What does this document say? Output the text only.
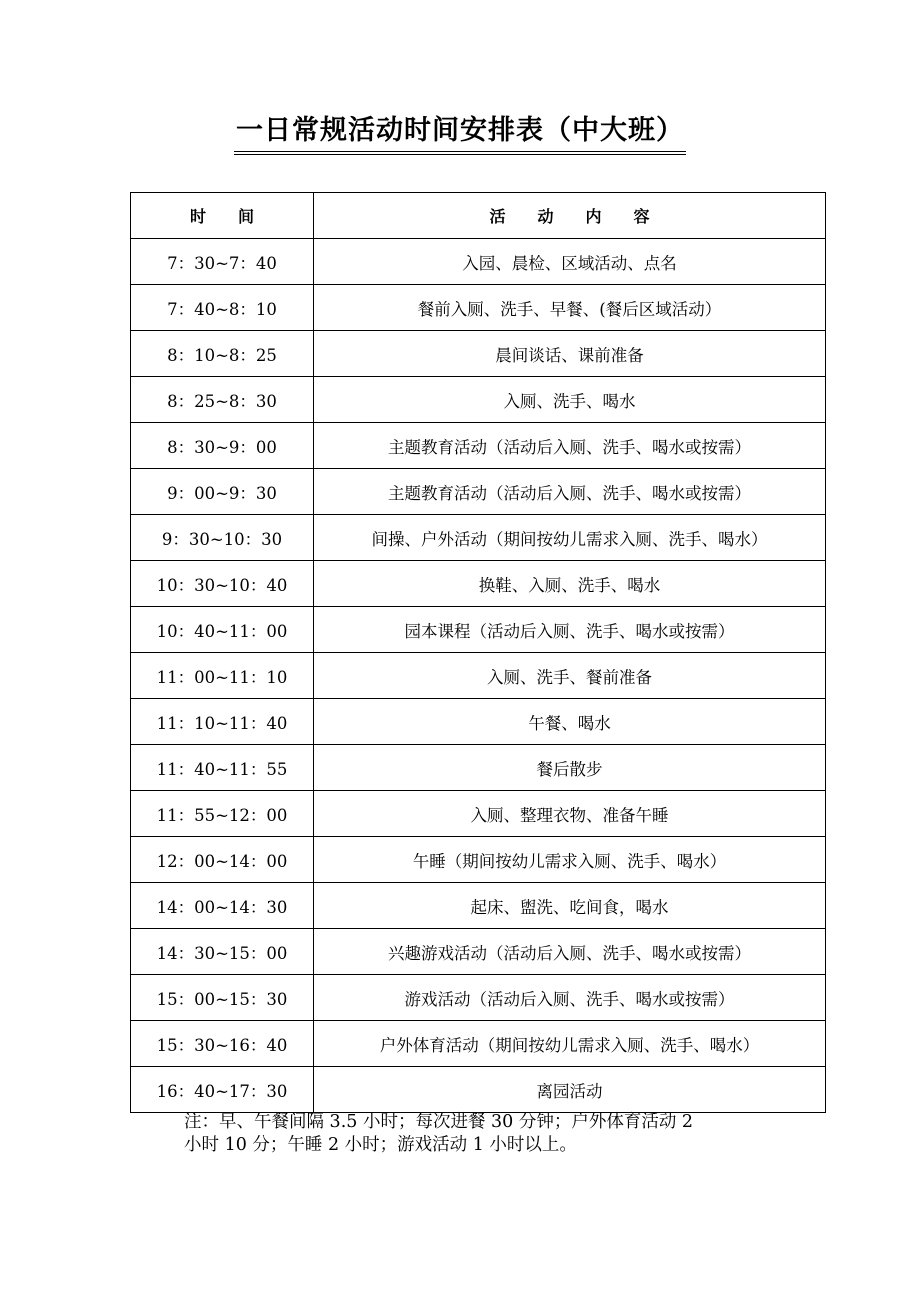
一日常规活动时间安排表（中大班）
时　　间	活　　动　　内　　容
7：30~7：40	入园、晨检、区域活动、点名
7：40~8：10	餐前入厕、洗手、早餐、(餐后区域活动）
8：10~8：25	晨间谈话、课前准备
8：25~8：30	入厕、洗手、喝水
8：30~9：00	主题教育活动（活动后入厕、洗手、喝水或按需）
9：00~9：30	主题教育活动（活动后入厕、洗手、喝水或按需）
9：30~10：30	间操、户外活动（期间按幼儿需求入厕、洗手、喝水）
10：30~10：40	换鞋、入厕、洗手、喝水
10：40~11：00	园本课程（活动后入厕、洗手、喝水或按需）
11：00~11：10	入厕、洗手、餐前准备
11：10~11：40	午餐、喝水
11：40~11：55	餐后散步
11：55~12：00	入厕、整理衣物、准备午睡
12：00~14：00	午睡（期间按幼儿需求入厕、洗手、喝水）
14：00~14：30	起床、盥洗、吃间食，喝水
14：30~15：00	兴趣游戏活动（活动后入厕、洗手、喝水或按需）
15：00~15：30	游戏活动（活动后入厕、洗手、喝水或按需）
15：30~16：40	户外体育活动（期间按幼儿需求入厕、洗手、喝水）
16：40~17：30	离园活动
注：早、午餐间隔 3.5 小时；每次进餐 30 分钟；户外体育活动 2
小时 10 分；午睡 2 小时；游戏活动 1 小时以上。
